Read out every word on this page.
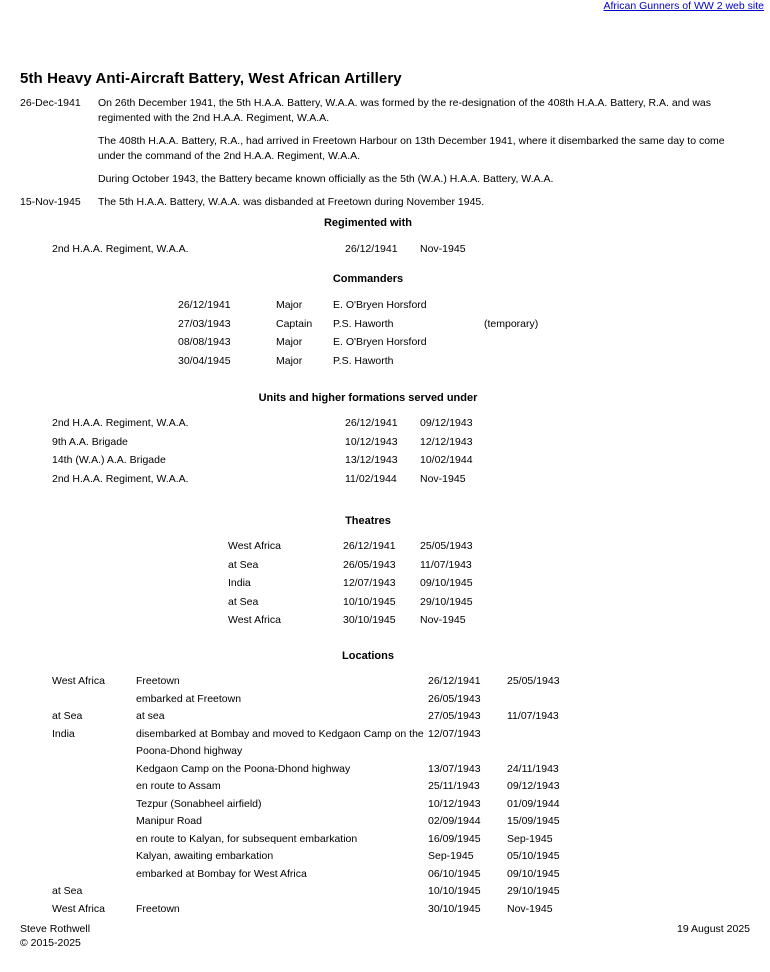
African Gunners of WW 2 web site
5th Heavy Anti-Aircraft Battery, West African Artillery
26-Dec-1941	On 26th December 1941, the 5th H.A.A. Battery, W.A.A. was formed by the re-designation of the 408th H.A.A. Battery, R.A. and was regimented with the 2nd H.A.A. Regiment, W.A.A.

The 408th H.A.A. Battery, R.A., had arrived in Freetown Harbour on 13th December 1941, where it disembarked the same day to come under the command of the 2nd H.A.A. Regiment, W.A.A.

During October 1943, the Battery became known officially as the 5th (W.A.) H.A.A. Battery, W.A.A.

15-Nov-1945	The 5th H.A.A. Battery, W.A.A. was disbanded at Freetown during November 1945.

Regimented with
2nd H.A.A. Regiment, W.A.A.	26/12/1941	Nov-1945
Commanders
26/12/1941	Major	E. O'Bryen Horsford	
27/03/1943	Captain	P.S. Haworth	(temporary)
08/08/1943	Major	E. O'Bryen Horsford	
30/04/1945	Major	P.S. Haworth	
Units and higher formations served under
2nd H.A.A. Regiment, W.A.A.	26/12/1941	09/12/1943
9th A.A. Brigade	10/12/1943	12/12/1943
14th (W.A.) A.A. Brigade	13/12/1943	10/02/1944
2nd H.A.A. Regiment, W.A.A.	11/02/1944	Nov-1945
Theatres
West Africa	26/12/1941	25/05/1943
at Sea	26/05/1943	11/07/1943
India	12/07/1943	09/10/1945
at Sea	10/10/1945	29/10/1945
West Africa	30/10/1945	Nov-1945
Locations
West Africa	Freetown	26/12/1941	25/05/1943
	embarked at Freetown	26/05/1943	
at Sea	at sea	27/05/1943	11/07/1943
India	disembarked at Bombay and moved to Kedgaon Camp on the Poona-Dhond highway	12/07/1943	
	Kedgaon Camp on the Poona-Dhond highway	13/07/1943	24/11/1943
	en route to Assam	25/11/1943	09/12/1943
	Tezpur (Sonabheel airfield)	10/12/1943	01/09/1944
	Manipur Road	02/09/1944	15/09/1945
	en route to Kalyan, for subsequent embarkation	16/09/1945	Sep-1945
	Kalyan, awaiting embarkation	Sep-1945	05/10/1945
	embarked at Bombay for West Africa	06/10/1945	09/10/1945
at Sea		10/10/1945	29/10/1945
West Africa	Freetown	30/10/1945	Nov-1945
Steve Rothwell	19 August 2025
© 2015-2025
